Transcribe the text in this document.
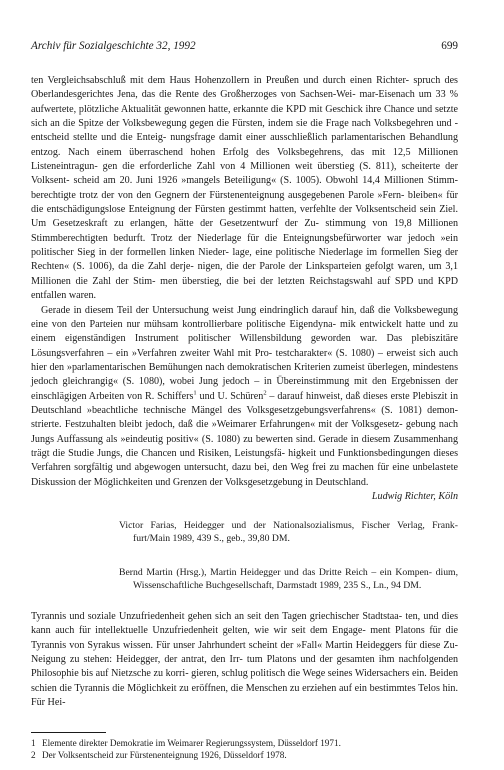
Archiv für Sozialgeschichte 32, 1992	699

ten Vergleichsabschluß mit dem Haus Hohenzollern in Preußen und durch einen Richter- spruch des Oberlandesgerichtes Jena, das die Rente des Großherzoges von Sachsen-Wei- mar-Eisenach um 33 % aufwertete, plötzliche Aktualität gewonnen hatte, erkannte die KPD mit Geschick ihre Chance und setzte sich an die Spitze der Volksbewegung gegen die Fürsten, indem sie die Frage nach Volksbegehren und -entscheid stellte und die Enteig- nungsfrage damit einer ausschließlich parlamentarischen Behandlung entzog. Nach einem überraschend hohen Erfolg des Volksbegehrens, das mit 12,5 Millionen Listeneintragun- gen die erforderliche Zahl von 4 Millionen weit überstieg (S. 811), scheiterte der Volksent- scheid am 20. Juni 1926 »mangels Beteiligung« (S. 1005). Obwohl 14,4 Millionen Stimm- berechtigte trotz der von den Gegnern der Fürstenenteignung ausgegebenen Parole »Fern- bleiben« für die entschädigungslose Enteignung der Fürsten gestimmt hatten, verfehlte der Volksentscheid sein Ziel. Um Gesetzeskraft zu erlangen, hätte der Gesetzentwurf der Zu- stimmung von 19,8 Millionen Stimmberechtigten bedurft. Trotz der Niederlage für die Enteignungsbefürworter war jedoch »ein politischer Sieg in der formellen linken Nieder- lage, eine politische Niederlage im formellen Sieg der Rechten« (S. 1006), da die Zahl derje- nigen, die der Parole der Linksparteien gefolgt waren, um 3,1 Millionen die Zahl der Stim- men überstieg, die bei der letzten Reichstagswahl auf SPD und KPD entfallen waren.

Gerade in diesem Teil der Untersuchung weist Jung eindringlich darauf hin, daß die Volksbewegung eine von den Parteien nur mühsam kontrollierbare politische Eigendyna- mik entwickelt hatte und zu einem eigenständigen Instrument politischer Willensbildung geworden war. Das plebiszitäre Lösungsverfahren – ein »Verfahren zweiter Wahl mit Pro- testcharakter« (S. 1080) – erweist sich auch hier den »parlamentarischen Bemühungen nach demokratischen Kriterien zumeist überlegen, mindestens jedoch gleichrangig« (S. 1080), wobei Jung jedoch – in Übereinstimmung mit den Ergebnissen der einschlägigen Arbeiten von R. Schiffers$^1$ und U. Schüren$^2$ – darauf hinweist, daß dieses erste Plebiszit in Deutschland »beachtliche technische Mängel des Volksgesetzgebungsverfahrens« (S. 1081) demon- strierte. Festzuhalten bleibt jedoch, daß die »Weimarer Erfahrungen« mit der Volksgesetz- gebung nach Jungs Auffassung als »eindeutig positiv« (S. 1080) zu bewerten sind. Gerade in diesem Zusammenhang trägt die Studie Jungs, die Chancen und Risiken, Leistungsfä- higkeit und Funktionsbedingungen dieses Verfahren sorgfältig und abgewogen untersucht, dazu bei, den Weg frei zu machen für eine unbelastete Diskussion der Möglichkeiten und Grenzen der Volksgesetzgebung in Deutschland.
Ludwig Richter, Köln

Victor Farias, Heidegger und der Nationalsozialismus, Fischer Verlag, Frank- furt/Main 1989, 439 S., geb., 39,80 DM.

Bernd Martin (Hrsg.), Martin Heidegger und das Dritte Reich – ein Kompen- dium, Wissenschaftliche Buchgesellschaft, Darmstadt 1989, 235 S., Ln., 94 DM.

Tyrannis und soziale Unzufriedenheit gehen sich an seit den Tagen griechischer Stadtstaa- ten, und dies kann auch für intellektuelle Unzufriedenheit gelten, wie wir seit dem Engage- ment Platons für die Tyrannis von Syrakus wissen. Für unser Jahrhundert scheint der »Fall« Martin Heideggers für diese Zu-Neigung zu stehen: Heidegger, der antrat, den Irr- tum Platons und der gesamten ihm nachfolgenden Philosophie bis auf Nietzsche zu korri- gieren, schlug politisch die Wege seines Widersachers ein. Beiden schien die Tyrannis die Möglichkeit zu eröffnen, die Menschen zu erziehen auf ein bestimmtes Telos hin. Für Hei-

1 Elemente direkter Demokratie im Weimarer Regierungssystem, Düsseldorf 1971.

2 Der Volksentscheid zur Fürstenenteignung 1926, Düsseldorf 1978.
